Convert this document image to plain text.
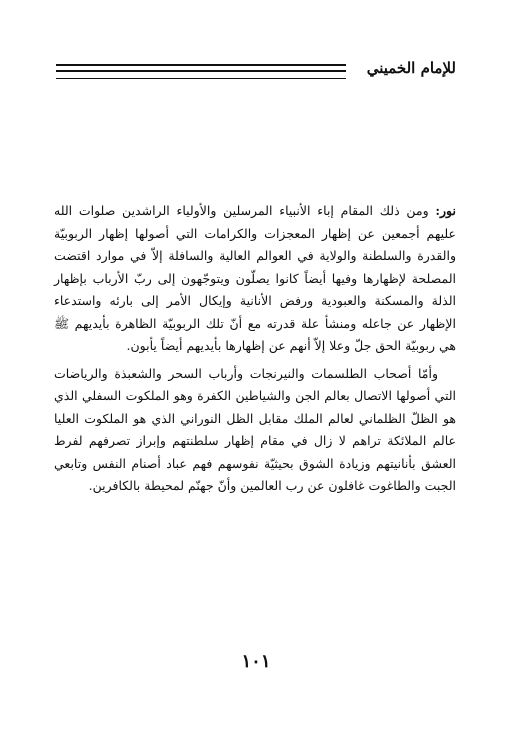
للإمام الخميني

نور: ومن ذلك المقام إباء الأنبياء المرسلين والأولياء الراشدين صلوات الله عليهم أجمعين عن إظهار المعجزات والكرامات التي أصولها إظهار الربوبيّة والقدرة والسلطنة والولاية في العوالم العالية والسافلة إلاّ في موارد اقتضت المصلحة لإظهارها وفيها أيضاً كانوا يصلّون ويتوجّهون إلى ربّ الأرباب بإظهار الذلة والمسكنة والعبودية ورفض الأنانية وإيكال الأمر إلى بارئه واستدعاء الإظهار عن جاعله ومنشأ علة قدرته مع أنّ تلك الربوبيّة الظاهرة بأيديهم ﷺ هي ربوبيّة الحق جلّ وعلا إلاّ أنهم عن إظهارها بأيديهم أيضاً يأبون.

وأمّا أصحاب الطلسمات والنيرنجات وأرباب السحر والشعبذة والرياضات التي أصولها الاتصال بعالم الجن والشياطين الكفرة وهو الملكوت السفلي الذي هو الظلّ الظلماني لعالم الملك مقابل الظل النوراني الذي هو الملكوت العليا عالم الملائكة تراهم لا زال في مقام إظهار سلطنتهم وإبراز تصرفهم لفرط العشق بأنانيتهم وزيادة الشوق بحيثيّة نفوسهم فهم عباد أصنام النفس وتابعي الجبت والطاغوت غافلون عن رب العالمين وأنّ جهنّم لمحيطة بالكافرين.

١٠١
